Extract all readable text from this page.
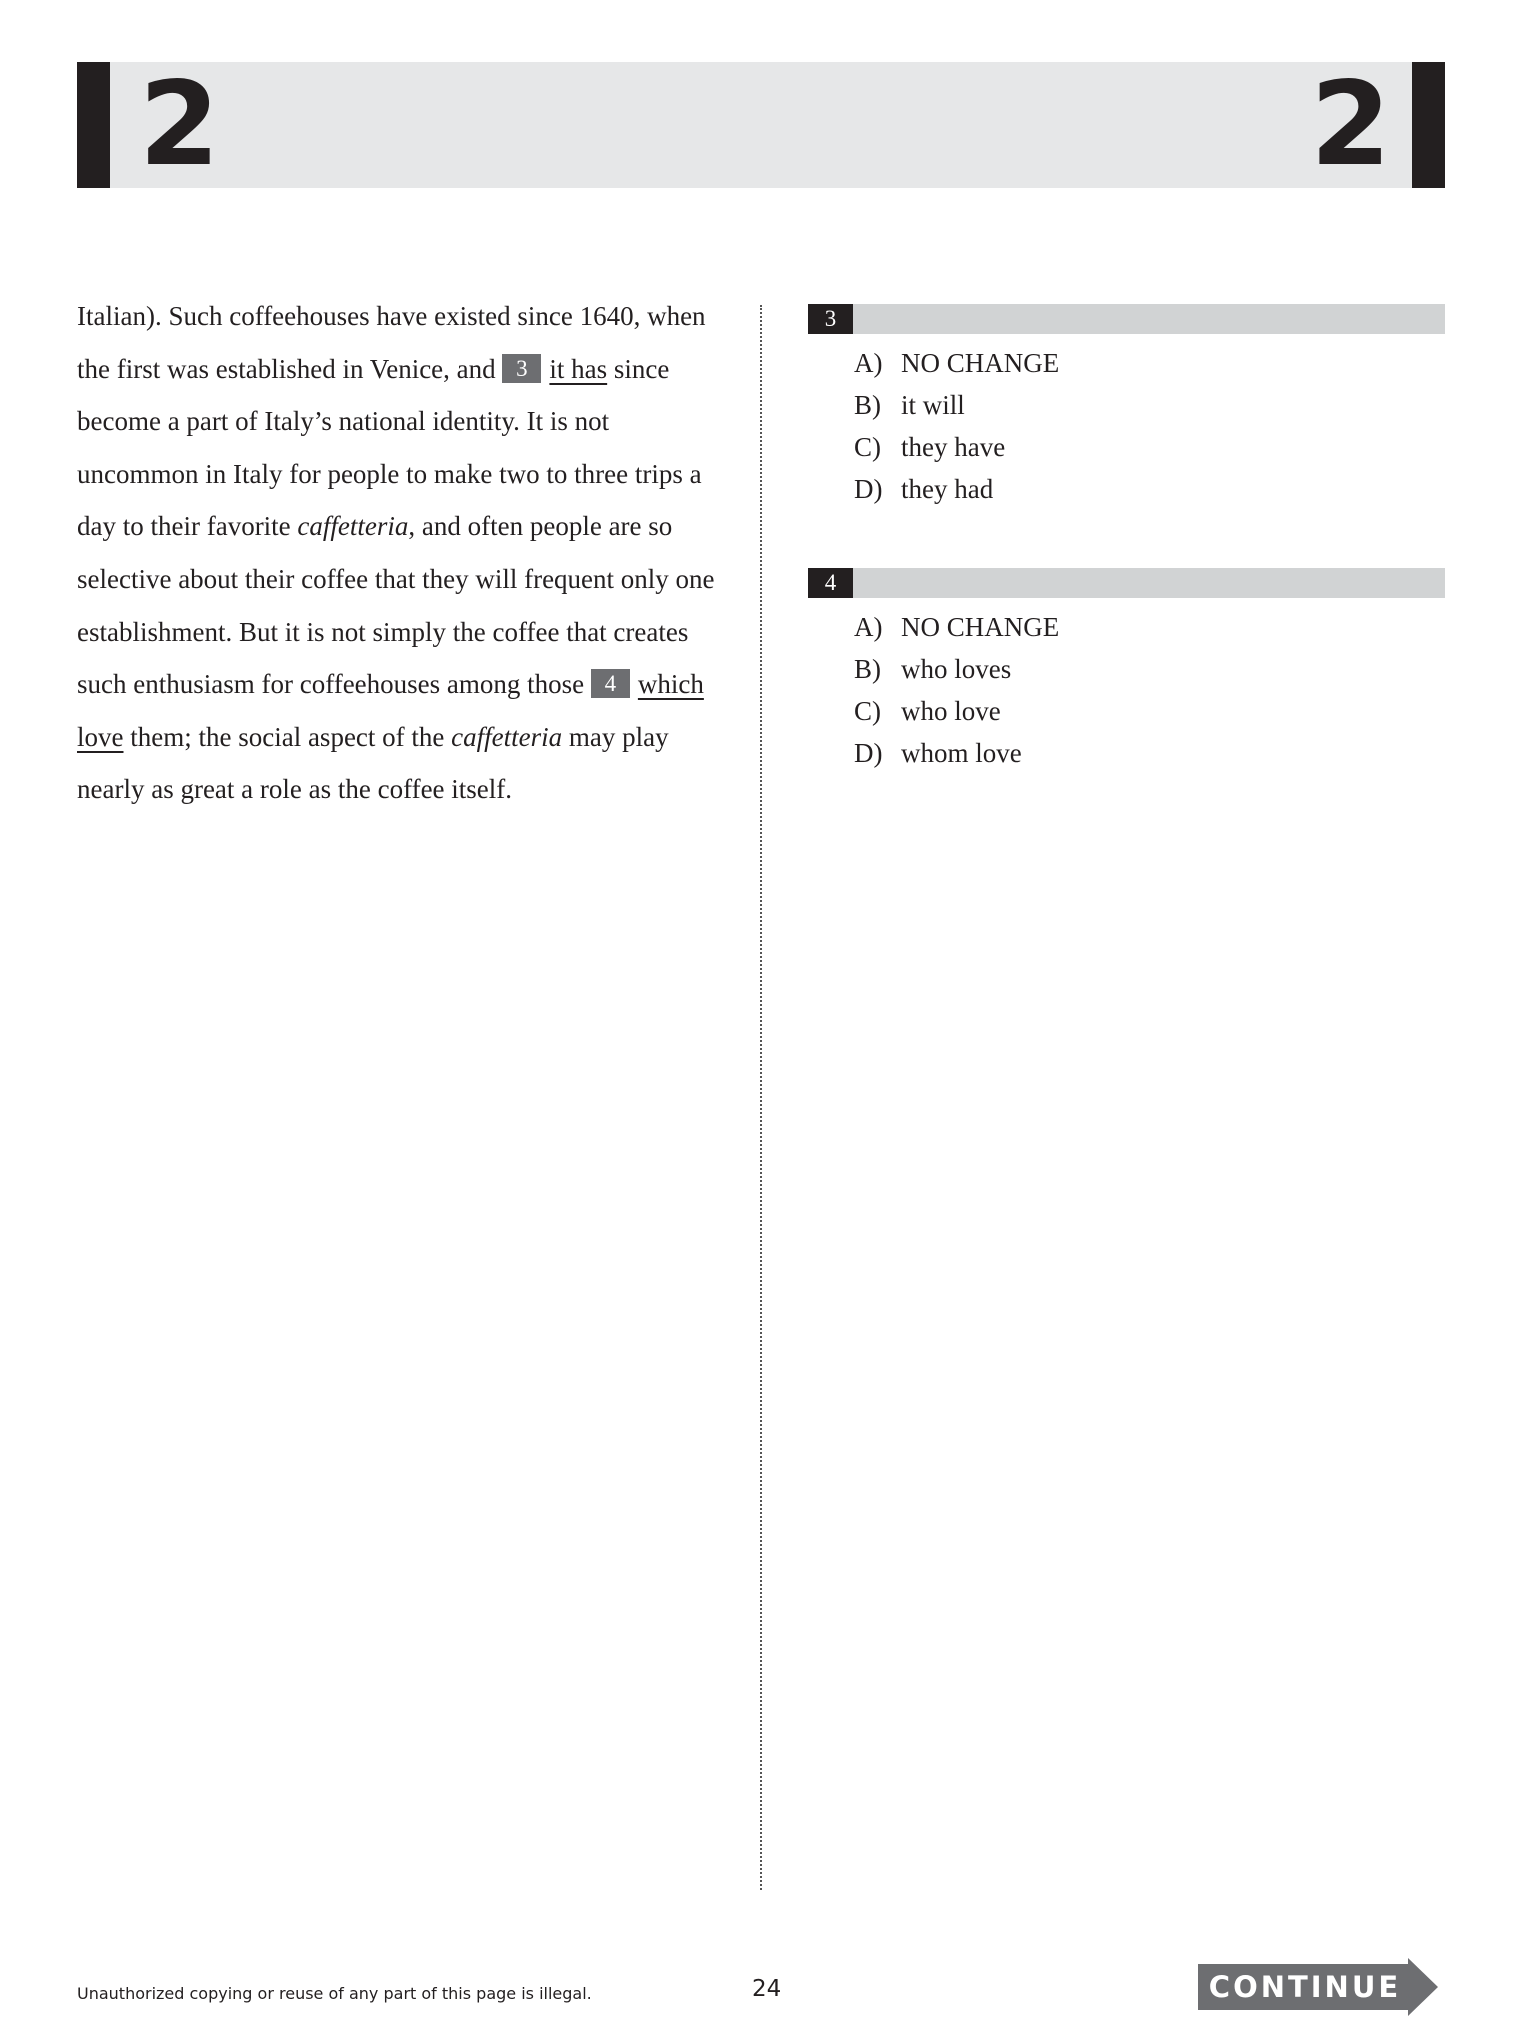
2	2

Italian). Such coffeehouses have existed since 1640, when the first was established in Venice, and 3 it has since become a part of Italy’s national identity. It is not uncommon in Italy for people to make two to three trips a day to their favorite caffetteria, and often people are so selective about their coffee that they will frequent only one establishment. But it is not simply the coffee that creates such enthusiasm for coffeehouses among those 4 which love them; the social aspect of the caffetteria may play nearly as great a role as the coffee itself.

3
A) NO CHANGE
B) it will
C) they have
D) they had
4
A) NO CHANGE
B) who loves
C) who love
D) whom love
Unauthorized copying or reuse of any part of this page is illegal.	24	CONTINUE
